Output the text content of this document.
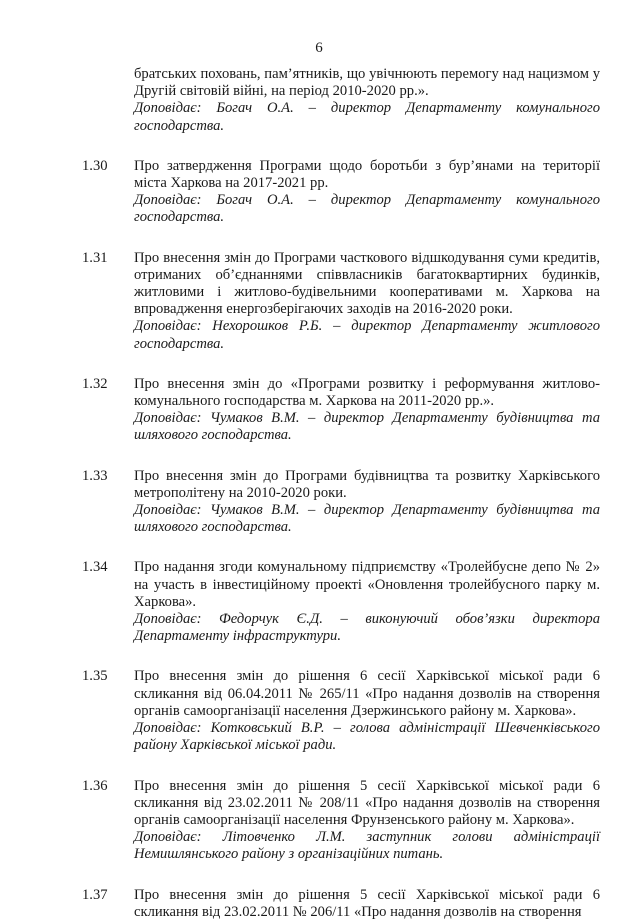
6

братських поховань, пам’ятників, що увічнюють перемогу над нацизмом у Другій світовій війні, на період 2010-2020 рр.».

Доповідає: Богач О.А. – директор Департаменту комунального господарства.

1.30	Про затвердження Програми щодо боротьби з бур’янами на території міста Харкова на 2017-2021 рр.

Доповідає: Богач О.А. – директор Департаменту комунального господарства.

1.31	Про внесення змін до Програми часткового відшкодування суми кредитів, отриманих об’єднаннями співвласників багатоквартирних будинків, житловими і житлово-будівельними кооперативами м. Харкова на впровадження енергозберігаючих заходів на 2016-2020 роки.

Доповідає: Нехорошков Р.Б. – директор Департаменту житлового господарства.

1.32	Про внесення змін до «Програми розвитку і реформування житлово-комунального господарства м. Харкова на 2011-2020 рр.».

Доповідає: Чумаков В.М. – директор Департаменту будівництва та шляхового господарства.

1.33	Про внесення змін до Програми будівництва та розвитку Харківського метрополітену на 2010-2020 роки.

Доповідає: Чумаков В.М. – директор Департаменту будівництва та шляхового господарства.

1.34	Про надання згоди комунальному підприємству «Тролейбусне депо № 2» на участь в інвестиційному проекті «Оновлення тролейбусного парку м. Харкова».

Доповідає: Федорчук Є.Д. – виконуючий обов’язки директора Департаменту інфраструктури.

1.35	Про внесення змін до рішення 6 сесії Харківської міської ради 6 скликання від 06.04.2011 № 265/11 «Про надання дозволів на створення органів самоорганізації населення Дзержинського району м. Харкова».

Доповідає: Котковський В.Р. – голова адміністрації Шевченківського району Харківської міської ради.

1.36	Про внесення змін до рішення 5 сесії Харківської міської ради 6 скликання від 23.02.2011 № 208/11 «Про надання дозволів на створення органів самоорганізації населення Фрунзенського району м. Харкова».

Доповідає: Літовченко Л.М. заступник голови адміністрації Немишлянського району з організаційних питань.

1.37	Про внесення змін до рішення 5 сесії Харківської міської ради 6 скликання від 23.02.2011 № 206/11 «Про надання дозволів на створення
